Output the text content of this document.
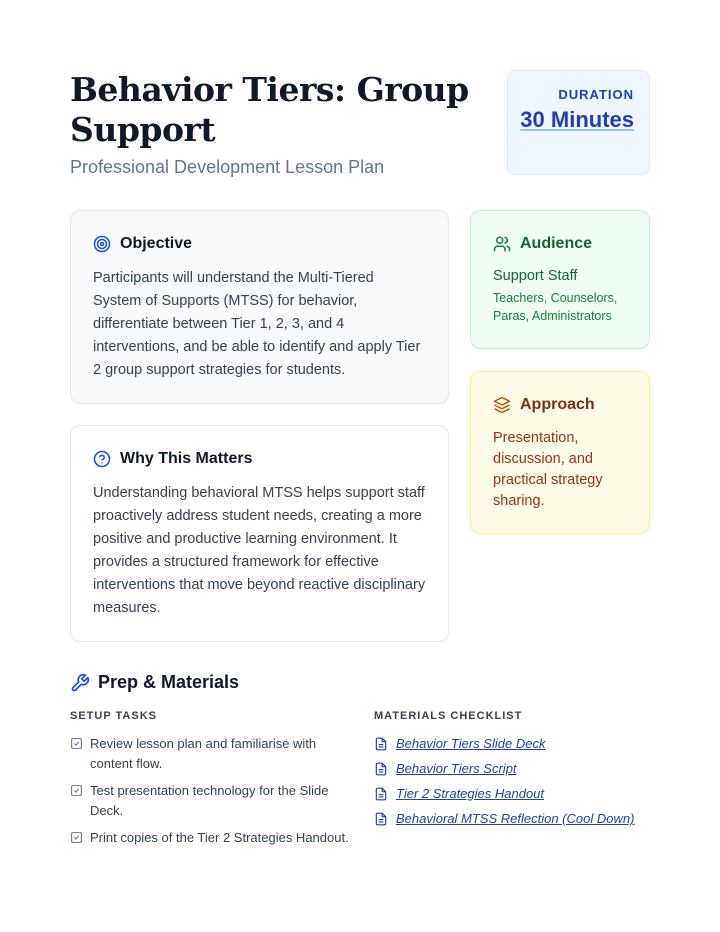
Behavior Tiers: Group Support
Professional Development Lesson Plan
DURATION
30 Minutes
Objective

Participants will understand the Multi-Tiered System of Supports (MTSS) for behavior, differentiate between Tier 1, 2, 3, and 4 interventions, and be able to identify and apply Tier 2 group support strategies for students.

Why This Matters

Understanding behavioral MTSS helps support staff proactively address student needs, creating a more positive and productive learning environment. It provides a structured framework for effective interventions that move beyond reactive disciplinary measures.

Audience
Support Staff
Teachers, Counselors, Paras, Administrators
Approach

Presentation, discussion, and practical strategy sharing.

Prep & Materials
SETUP TASKS	MATERIALS CHECKLIST
Review lesson plan and familiarise with content flow.
Test presentation technology for the Slide Deck.
Print copies of the Tier 2 Strategies Handout.
Behavior Tiers Slide Deck
Behavior Tiers Script
Tier 2 Strategies Handout
Behavioral MTSS Reflection (Cool Down)
